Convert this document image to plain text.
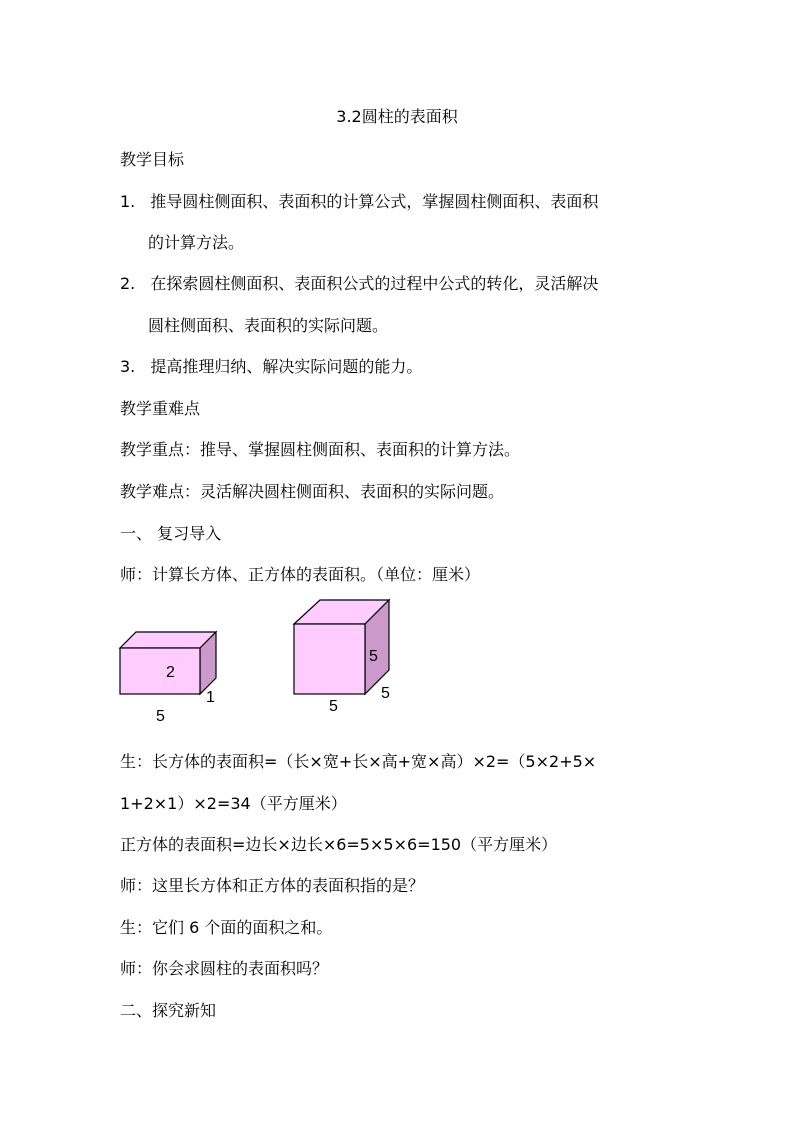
3.2圆柱的表面积
教学目标
1. 推导圆柱侧面积、表面积的计算公式，掌握圆柱侧面积、表面积
的计算方法。
2. 在探索圆柱侧面积、表面积公式的过程中公式的转化，灵活解决
圆柱侧面积、表面积的实际问题。
3. 提高推理归纳、解决实际问题的能力。
教学重难点
教学重点：推导、掌握圆柱侧面积、表面积的计算方法。
教学难点：灵活解决圆柱侧面积、表面积的实际问题。
一、 复习导入
师：计算长方体、正方体的表面积。（单位：厘米）
2
1
5
5
5
5
生：长方体的表面积=（长×宽+长×高+宽×高）×2=（5×2+5×
1+2×1）×2=34（平方厘米）
正方体的表面积=边长×边长×6=5×5×6=150（平方厘米）
师：这里长方体和正方体的表面积指的是？
生：它们 6 个面的面积之和。
师：你会求圆柱的表面积吗？
二、探究新知
